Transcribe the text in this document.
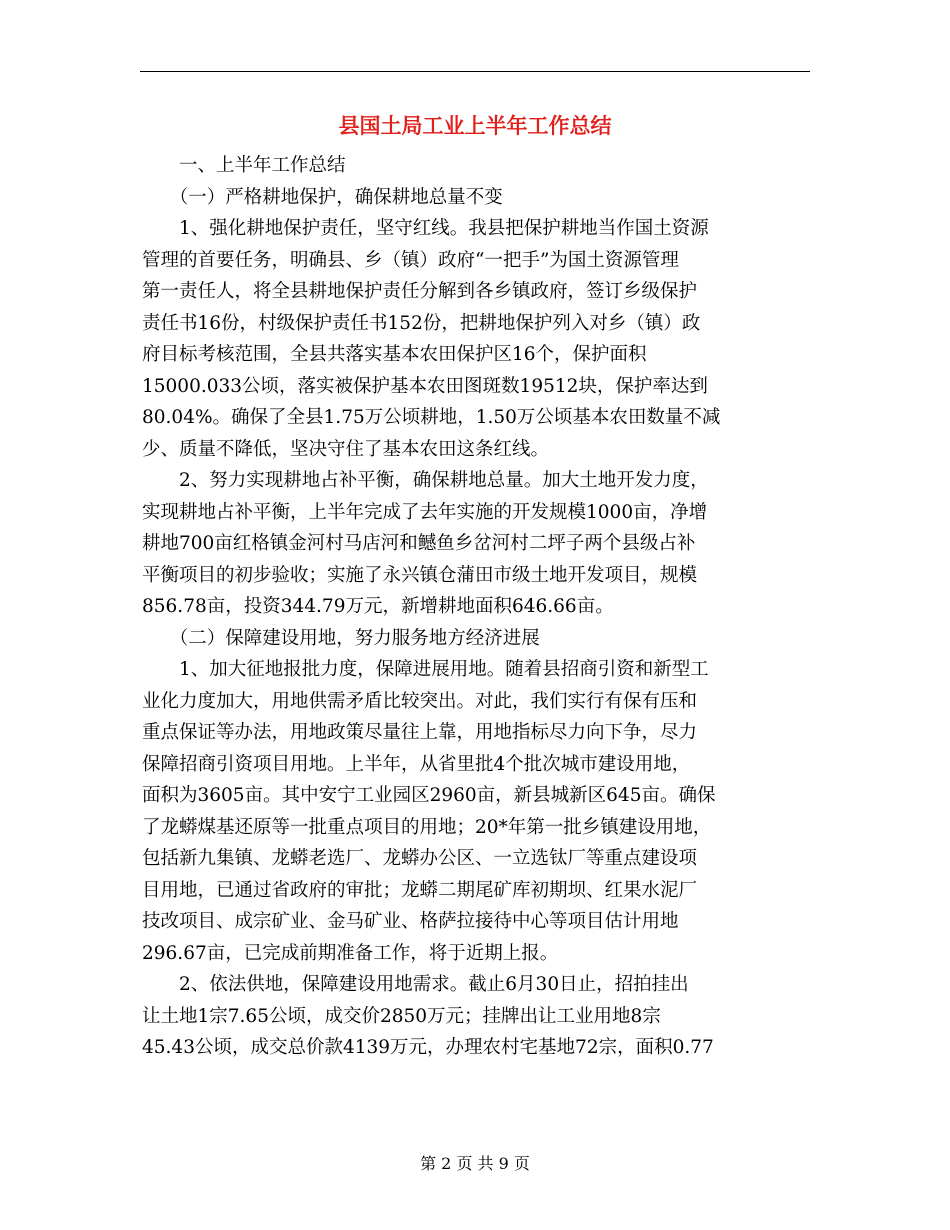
县国土局工业上半年工作总结
　　一、上半年工作总结
　　（一）严格耕地保护，确保耕地总量不变
　　1、强化耕地保护责任，坚守红线。我县把保护耕地当作国土资源
管理的首要任务，明确县、乡（镇）政府“一把手”为国土资源管理
第一责任人，将全县耕地保护责任分解到各乡镇政府，签订乡级保护
责任书16份，村级保护责任书152份，把耕地保护列入对乡（镇）政
府目标考核范围，全县共落实基本农田保护区16个，保护面积
15000.033公顷，落实被保护基本农田图斑数19512块，保护率达到
80.04%。确保了全县1.75万公顷耕地，1.50万公顷基本农田数量不减
少、质量不降低，坚决守住了基本农田这条红线。
　　2、努力实现耕地占补平衡，确保耕地总量。加大土地开发力度，
实现耕地占补平衡，上半年完成了去年实施的开发规模1000亩，净增
耕地700亩红格镇金河村马店河和鳡鱼乡岔河村二坪子两个县级占补
平衡项目的初步验收；实施了永兴镇仓蒲田市级土地开发项目，规模
856.78亩，投资344.79万元，新增耕地面积646.66亩。
　　（二）保障建设用地，努力服务地方经济进展
　　1、加大征地报批力度，保障进展用地。随着县招商引资和新型工
业化力度加大，用地供需矛盾比较突出。对此，我们实行有保有压和
重点保证等办法，用地政策尽量往上靠，用地指标尽力向下争，尽力
保障招商引资项目用地。上半年，从省里批4个批次城市建设用地，
面积为3605亩。其中安宁工业园区2960亩，新县城新区645亩。确保
了龙蟒煤基还原等一批重点项目的用地；20*年第一批乡镇建设用地，
包括新九集镇、龙蟒老选厂、龙蟒办公区、一立选钛厂等重点建设项
目用地，已通过省政府的审批；龙蟒二期尾矿库初期坝、红果水泥厂
技改项目、成宗矿业、金马矿业、格萨拉接待中心等项目估计用地
296.67亩，已完成前期准备工作，将于近期上报。
　　2、依法供地，保障建设用地需求。截止6月30日止，招拍挂出
让土地1宗7.65公顷，成交价2850万元；挂牌出让工业用地8宗
45.43公顷，成交总价款4139万元，办理农村宅基地72宗，面积0.77
第 2 页 共 9 页
